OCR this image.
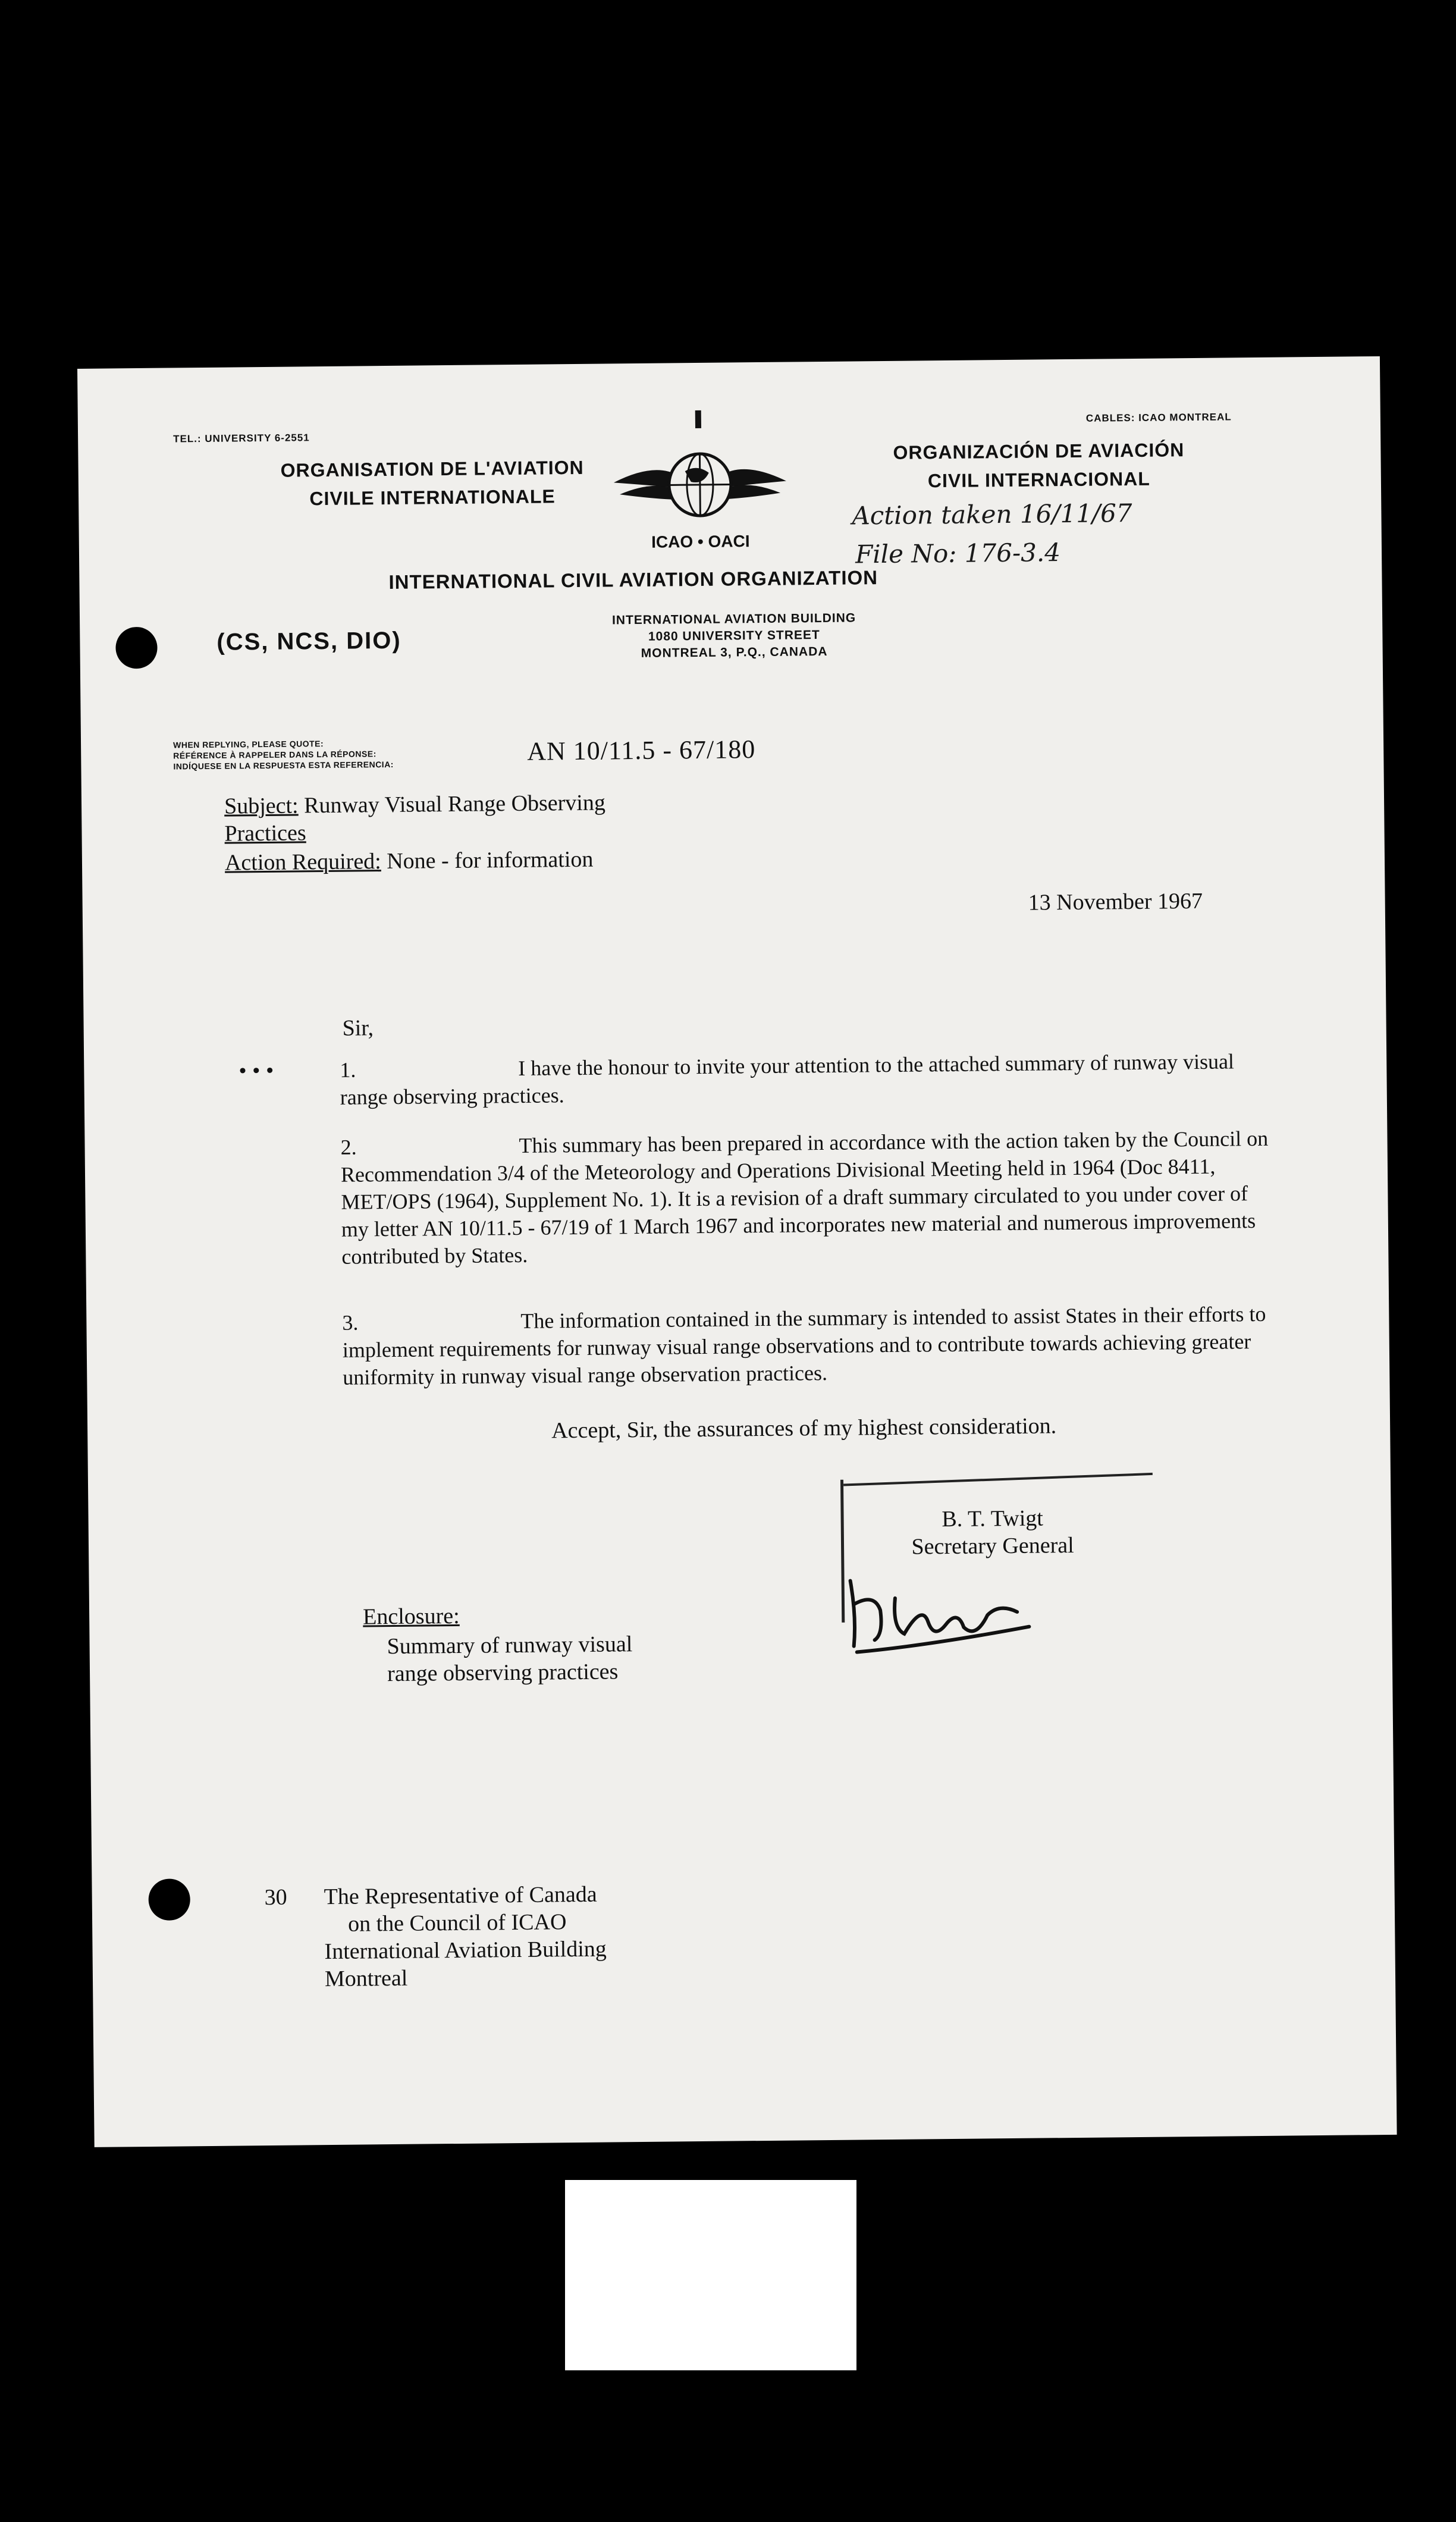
TEL.: UNIVERSITY 6-2551
CABLES: ICAO MONTREAL
ORGANISATION DE L'AVIATION
CIVILE INTERNATIONALE
ICAO • OACI
ORGANIZACIÓN DE AVIACIÓN
CIVIL INTERNACIONAL
Action taken 16/11/67
File No: 176-3.4
INTERNATIONAL CIVIL AVIATION ORGANIZATION
(CS, NCS, DIO)
INTERNATIONAL AVIATION BUILDING
1080 UNIVERSITY STREET
MONTREAL 3, P.Q., CANADA
WHEN REPLYING, PLEASE QUOTE:
RÉFÉRENCE À RAPPELER DANS LA RÉPONSE:
INDÍQUESE EN LA RESPUESTA ESTA REFERENCIA:	AN 10/11.5 - 67/180
Subject: Runway Visual Range Observing
Practices
Action Required: None - for information
13 November 1967
Sir,
• • •	1.	I have the honour to invite your attention to the attached summary of runway visual range observing practices.
2.	This summary has been prepared in accordance with the action taken by the Council on Recommendation 3/4 of the Meteorology and Operations Divisional Meeting held in 1964 (Doc 8411, MET/OPS (1964), Supplement No. 1). It is a revision of a draft summary circulated to you under cover of my letter AN 10/11.5 - 67/19 of 1 March 1967 and incorporates new material and numerous improvements contributed by States.
3.	The information contained in the summary is intended to assist States in their efforts to implement requirements for runway visual range observations and to contribute towards achieving greater uniformity in runway visual range observation practices.
Accept, Sir, the assurances of my highest consideration.
B. T. Twigt
Secretary General
Enclosure:
Summary of runway visual
range observing practices
30	The Representative of Canada
on the Council of ICAO
International Aviation Building
Montreal
